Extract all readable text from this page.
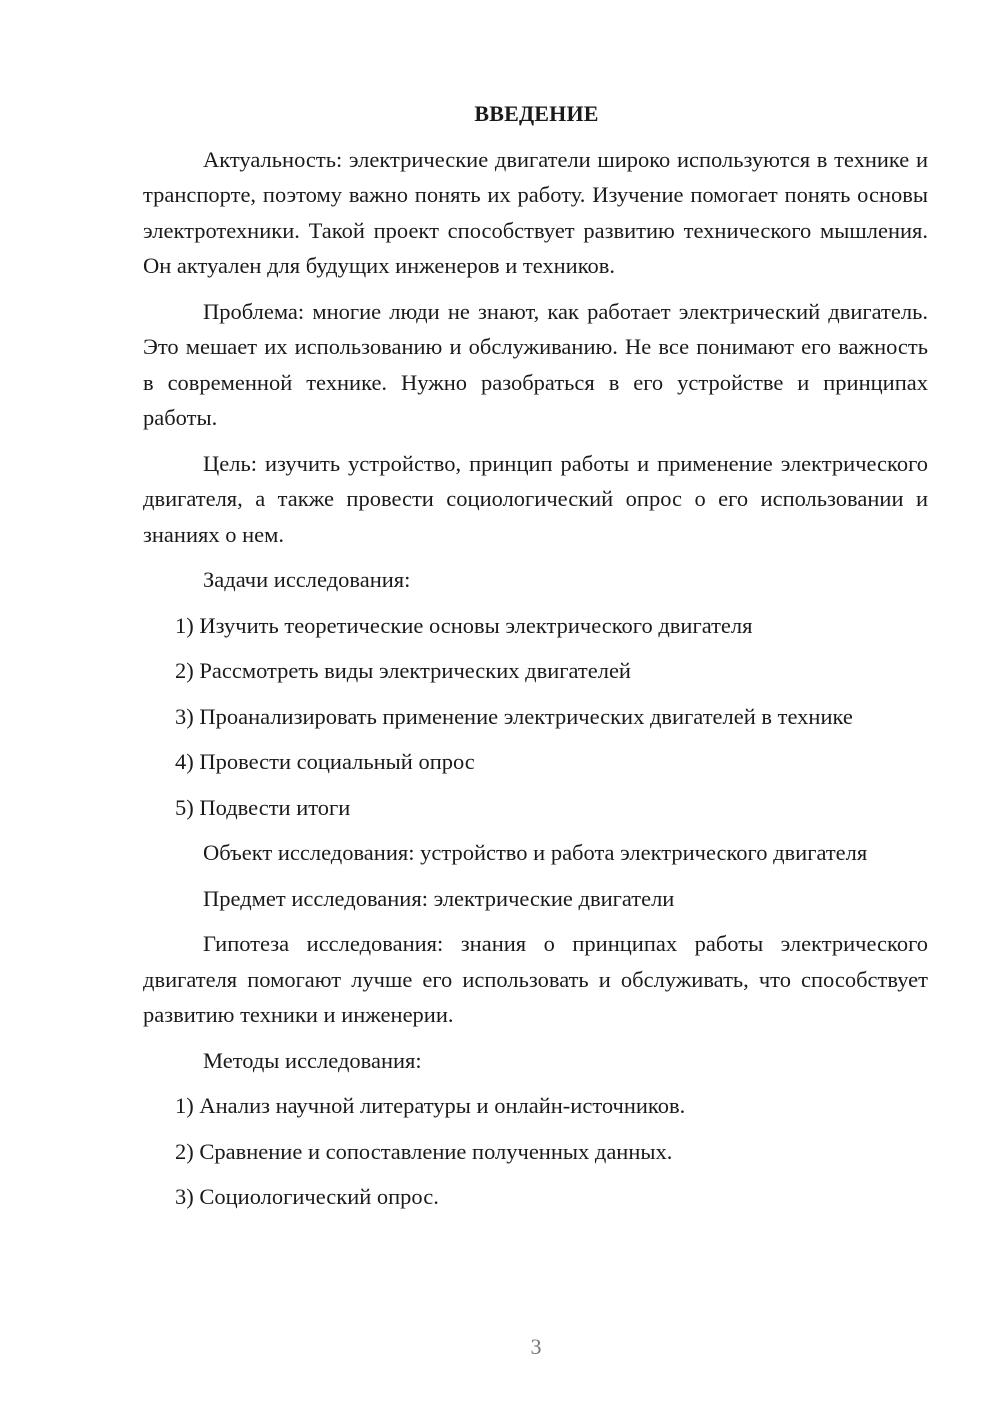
ВВЕДЕНИЕ
Актуальность: электрические двигатели широко используются в технике и транспорте, поэтому важно понять их работу. Изучение помогает понять основы электротехники. Такой проект способствует развитию технического мышления. Он актуален для будущих инженеров и техников.
Проблема: многие люди не знают, как работает электрический двигатель. Это мешает их использованию и обслуживанию. Не все понимают его важность в современной технике. Нужно разобраться в его устройстве и принципах работы.
Цель: изучить устройство, принцип работы и применение электрического двигателя, а также провести социологический опрос о его использовании и знаниях о нем.
Задачи исследования:
1) Изучить теоретические основы электрического двигателя
2) Рассмотреть виды электрических двигателей
3) Проанализировать применение электрических двигателей в технике
4) Провести социальный опрос
5) Подвести итоги
Объект исследования: устройство и работа электрического двигателя
Предмет исследования: электрические двигатели
Гипотеза исследования: знания о принципах работы электрического двигателя помогают лучше его использовать и обслуживать, что способствует развитию техники и инженерии.
Методы исследования:
1) Анализ научной литературы и онлайн-источников.
2) Сравнение и сопоставление полученных данных.
3) Социологический опрос.
3
